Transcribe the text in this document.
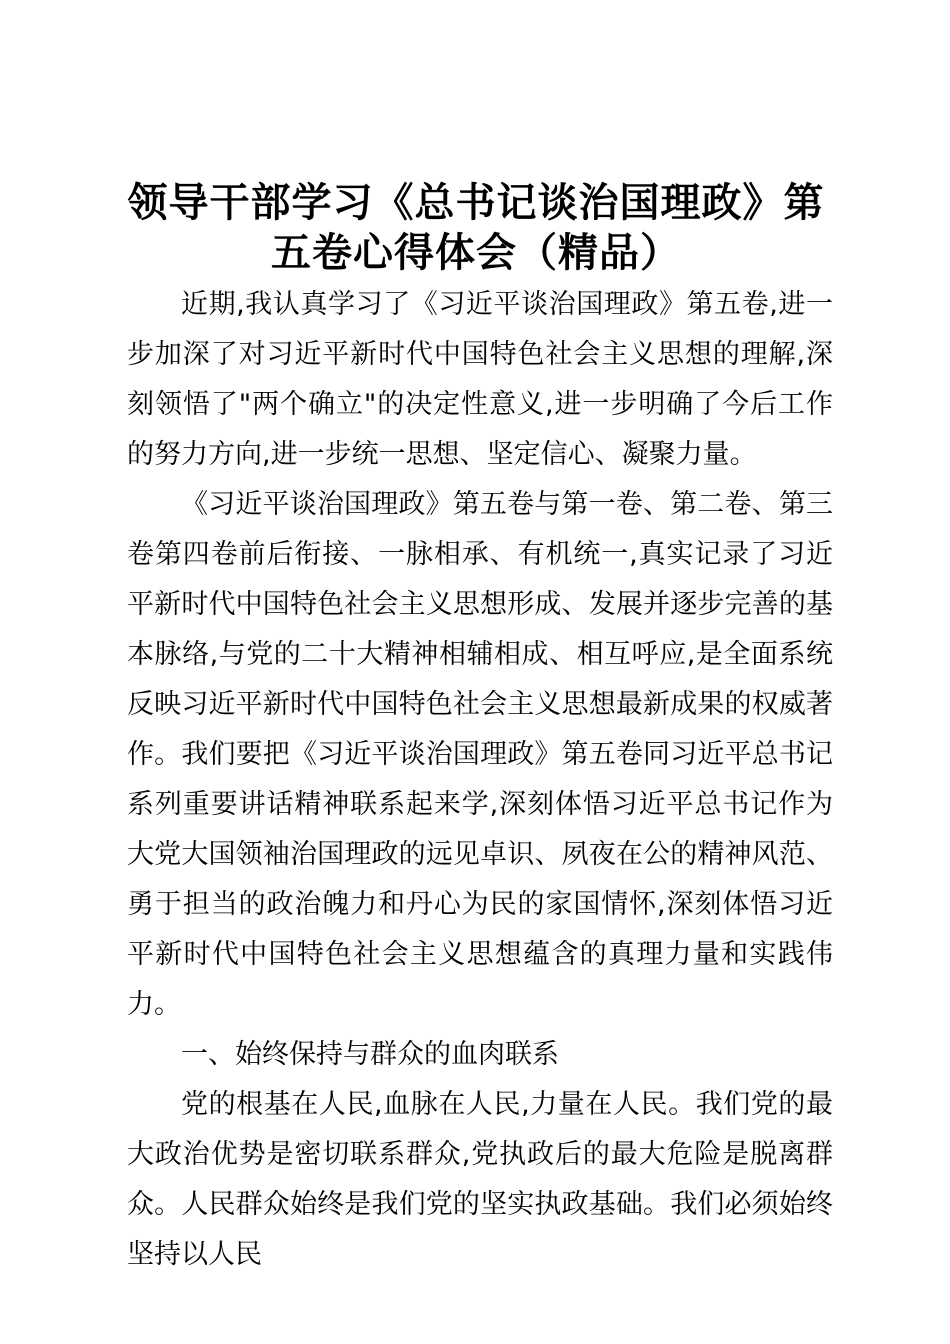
领导干部学习《总书记谈治国理政》第五卷心得体会（精品）

近期,我认真学习了《习近平谈治国理政》第五卷,进一步加深了对习近平新时代中国特色社会主义思想的理解,深刻领悟了"两个确立"的决定性意义,进一步明确了今后工作的努力方向,进一步统一思想、坚定信心、凝聚力量。

《习近平谈治国理政》第五卷与第一卷、第二卷、第三卷第四卷前后衔接、一脉相承、有机统一,真实记录了习近平新时代中国特色社会主义思想形成、发展并逐步完善的基本脉络,与党的二十大精神相辅相成、相互呼应,是全面系统反映习近平新时代中国特色社会主义思想最新成果的权威著作。我们要把《习近平谈治国理政》第五卷同习近平总书记系列重要讲话精神联系起来学,深刻体悟习近平总书记作为大党大国领袖治国理政的远见卓识、夙夜在公的精神风范、勇于担当的政治魄力和丹心为民的家国情怀,深刻体悟习近平新时代中国特色社会主义思想蕴含的真理力量和实践伟力。

一、始终保持与群众的血肉联系

党的根基在人民,血脉在人民,力量在人民。我们党的最大政治优势是密切联系群众,党执政后的最大危险是脱离群众。人民群众始终是我们党的坚实执政基础。我们必须始终坚持以人民
